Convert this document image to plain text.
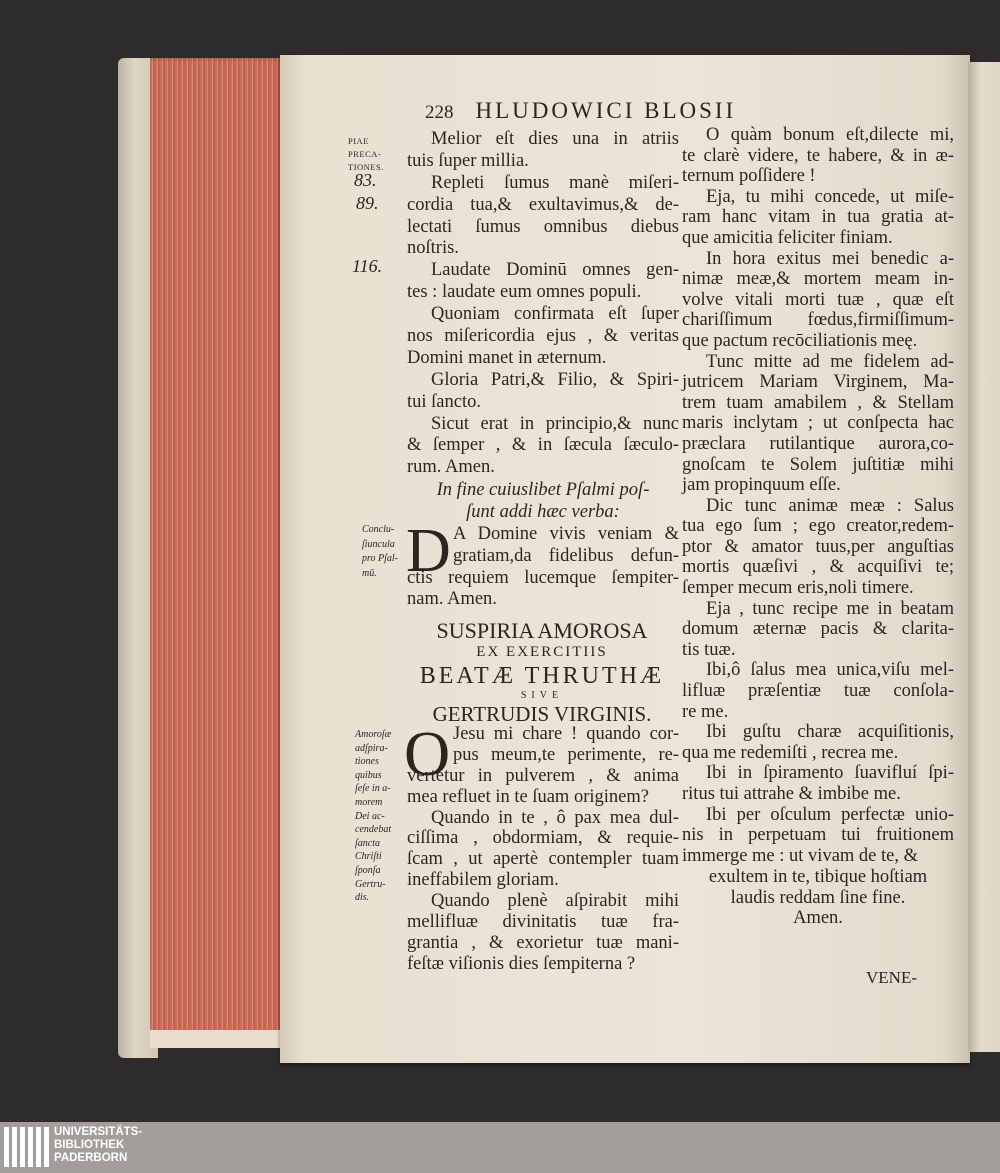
228 HLUDOWICI BLOSII
PIAE
PRECA-
TIONES.
83.
89.
116.
Conclu-
ſiuncula
pro Pſal-
mū.
Amoroſæ
adſpira-
tiones
quibus
ſeſe in a-
morem
Dei ac-
cendebat
ſancta
Chriſti
ſponſa
Gertru-
dis.
Melior eſt dies una in atriis
tuis ſuper millia.
Repleti ſumus manè miſeri-
cordia tua,& exultavimus,& de-
lectati ſumus omnibus diebus
noſtris.
Laudate Dominū omnes gen-
tes : laudate eum omnes populi.
Quoniam confirmata eſt ſuper
nos miſericordia ejus , & veritas
Domini manet in æternum.
Gloria Patri,& Filio, & Spiri-
tui ſancto.
Sicut erat in principio,& nunc
& ſemper , & in ſæcula ſæculo-
rum. Amen.
In fine cuiuslibet Pſalmi poſ-
ſunt addi hæc verba:
D A Domine vivis veniam &
gratiam,da fidelibus defun-
ctis requiem lucemque ſempiter-
nam. Amen.
SUSPIRIA AMOROSA
EX EXERCITIIS
BEATÆ THRUTHÆ
SIVE
GERTRUDIS VIRGINIS.
O Jesu mi chare ! quando cor-
pus meum,te perimente, re-
vertetur in pulverem , & anima
mea refluet in te ſuam originem?
Quando in te , ô pax mea dul-
ciſſima , obdormiam, & requie-
ſcam , ut apertè contempler tuam
ineffabilem gloriam.
Quando plenè aſpirabit mihi
mellifluæ divinitatis tuæ fra-
grantia , & exorietur tuæ mani-
feſtæ viſionis dies ſempiterna ?
O quàm bonum eſt,dilecte mi,
te clarè videre, te habere, & in æ-
ternum poſſidere !
Eja, tu mihi concede, ut miſe-
ram hanc vitam in tua gratia at-
que amicitia feliciter finiam.
In hora exitus mei benedic a-
nimæ meæ,& mortem meam in-
volve vitali morti tuæ , quæ eſt
chariſſimum fœdus,firmiſſimum-
que pactum recōciliationis meę.
Tunc mitte ad me fidelem ad-
jutricem Mariam Virginem, Ma-
trem tuam amabilem , & Stellam
maris inclytam ; ut conſpecta hac
præclara rutilantique aurora,co-
gnoſcam te Solem juſtitiæ mihi
jam propinquum eſſe.
Dic tunc animæ meæ : Salus
tua ego ſum ; ego creator,redem-
ptor & amator tuus,per anguſtias
mortis quæſivi , & acquiſivi te;
ſemper mecum eris,noli timere.
Eja , tunc recipe me in beatam
domum æternæ pacis & clarita-
tis tuæ.
Ibi,ô ſalus mea unica,viſu mel-
lifluæ præſentiæ tuæ conſola-
re me.
Ibi guſtu charæ acquiſitionis,
qua me redemiſti , recrea me.
Ibi in ſpiramento ſuavifluí ſpi-
ritus tui attrahe & imbibe me.
Ibi per oſculum perfectæ unio-
nis in perpetuam tui fruitionem
immerge me : ut vivam de te, &
exultem in te, tibique hoſtiam
laudis reddam ſine fine.
Amen.
VENE-
UNIVERSITÄTS-
BIBLIOTHEK
PADERBORN
